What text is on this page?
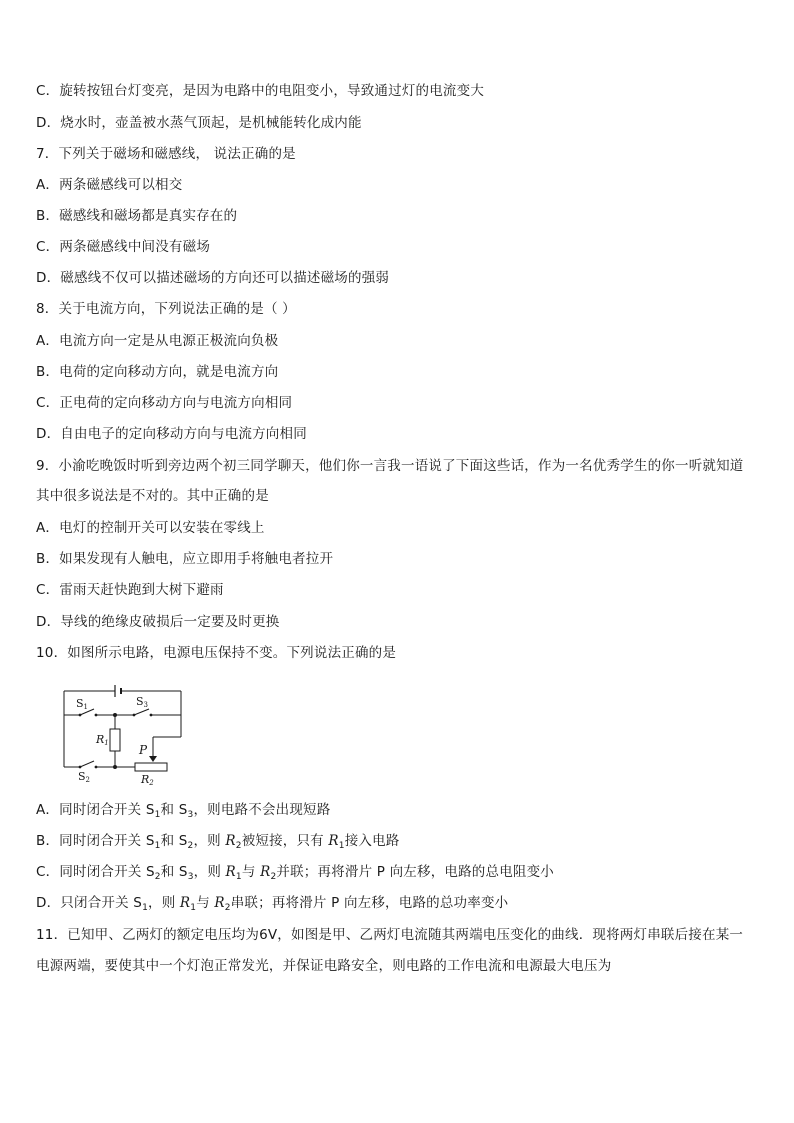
C．旋转按钮台灯变亮，是因为电路中的电阻变小，导致通过灯的电流变大
D．烧水时，壶盖被水蒸气顶起，是机械能转化成内能
7．下列关于磁场和磁感线， 说法正确的是
A．两条磁感线可以相交
B．磁感线和磁场都是真实存在的
C．两条磁感线中间没有磁场
D．磁感线不仅可以描述磁场的方向还可以描述磁场的强弱
8．关于电流方向，下列说法正确的是（ ）
A．电流方向一定是从电源正极流向负极
B．电荷的定向移动方向，就是电流方向
C．正电荷的定向移动方向与电流方向相同
D．自由电子的定向移动方向与电流方向相同
9．小渝吃晚饭时听到旁边两个初三同学聊天，他们你一言我一语说了下面这些话，作为一名优秀学生的你一听就知道
其中很多说法是不对的。其中正确的是
A．电灯的控制开关可以安装在零线上
B．如果发现有人触电，应立即用手将触电者拉开
C．雷雨天赶快跑到大树下避雨
D．导线的绝缘皮破损后一定要及时更换
10．如图所示电路，电源电压保持不变。下列说法正确的是
S1	S3
S2
R1
R2
P
A．同时闭合开关 $S_1$和 $S_3$，则电路不会出现短路
B．同时闭合开关 $S_1$和 $S_2$，则 $R_2$被短接，只有 $R_1$接入电路
C．同时闭合开关 $S_2$和 $S_3$，则 $R_1$与 $R_2$并联；再将滑片 P 向左移，电路的总电阻变小
D．只闭合开关 $S_1$，则 $R_1$与 $R_2$串联；再将滑片 P 向左移，电路的总功率变小
11．已知甲、乙两灯的额定电压均为6V，如图是甲、乙两灯电流随其两端电压变化的曲线．现将两灯串联后接在某一
电源两端，要使其中一个灯泡正常发光，并保证电路安全，则电路的工作电流和电源最大电压为
